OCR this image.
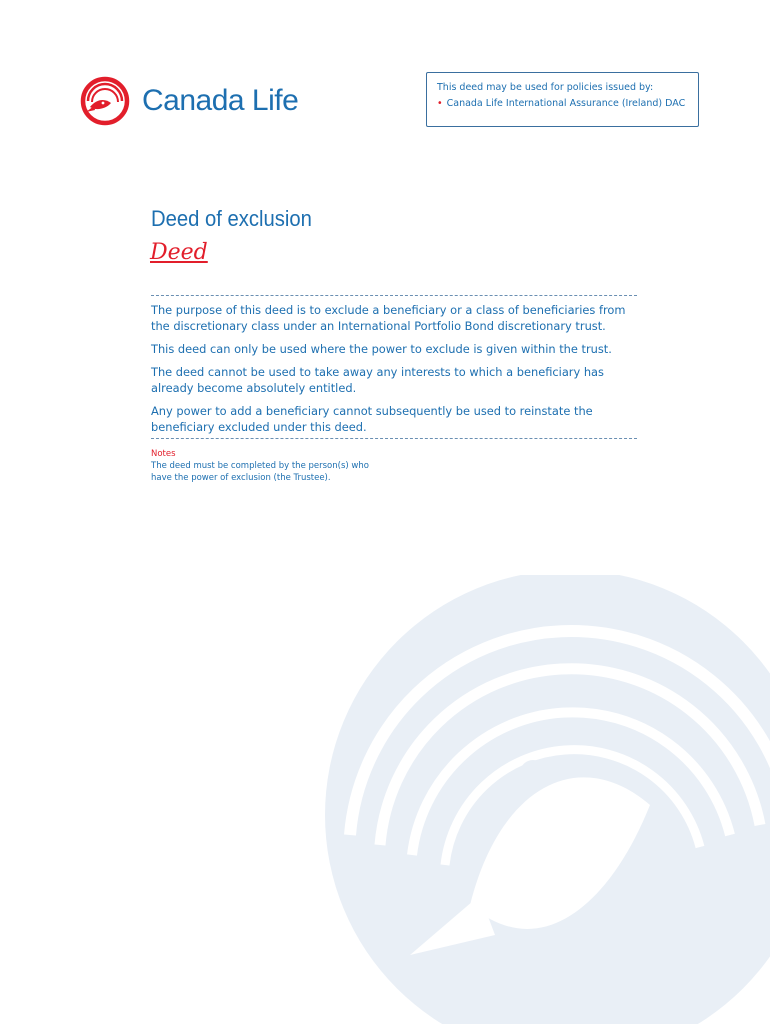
Canada Life	This deed may be used for policies issued by:
• Canada Life International Assurance (Ireland) DAC
Deed of exclusion
Deed

The purpose of this deed is to exclude a beneficiary or a class of beneficiaries from the discretionary class under an International Portfolio Bond discretionary trust.

This deed can only be used where the power to exclude is given within the trust.

The deed cannot be used to take away any interests to which a beneficiary has already become absolutely entitled.

Any power to add a beneficiary cannot subsequently be used to reinstate the beneficiary excluded under this deed.

Notes
The deed must be completed by the person(s) who have the power of exclusion (the Trustee).
